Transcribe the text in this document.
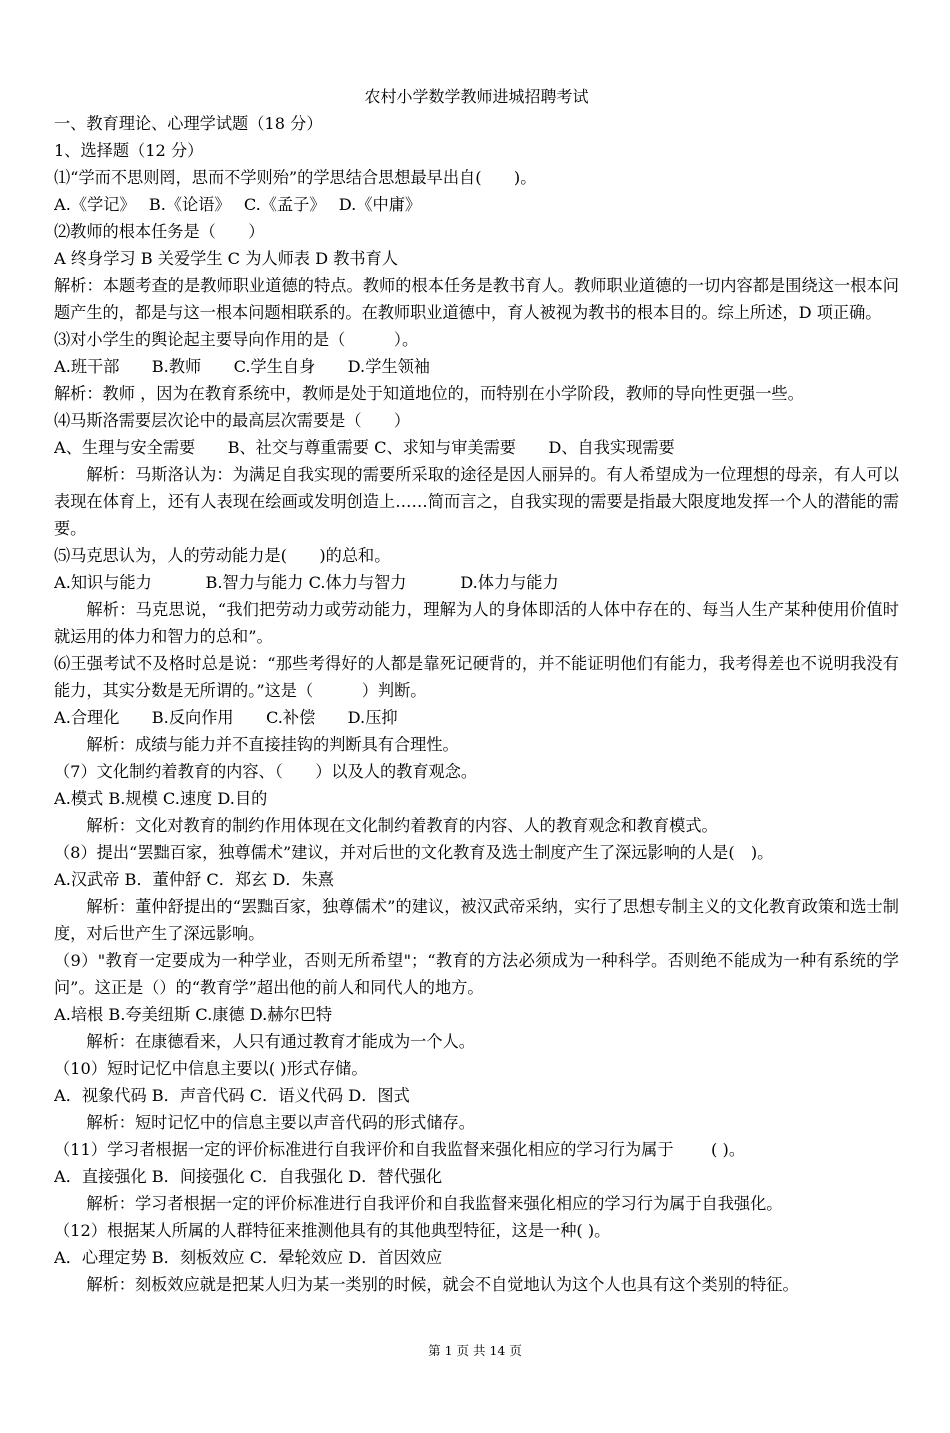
农村小学数学教师进城招聘考试

一、教育理论、心理学试题（18 分）

1、选择题（12 分）

⑴“学而不思则罔，思而不学则殆”的学思结合思想最早出自(　　)。

A.《学记》　 B.《论语》　 C.《孟子》　 D.《中庸》

⑵教师的根本任务是（　　）

A 终身学习 B 关爱学生 C 为人师表 D 教书育人

解析：本题考查的是教师职业道德的特点。教师的根本任务是教书育人。教师职业道德的一切内容都是围绕这一根本问题产生的，都是与这一根本问题相联系的。在教师职业道德中，育人被视为教书的根本目的。综上所述，D 项正确。

⑶对小学生的舆论起主要导向作用的是（　　　）。

A.班干部　　B.教师　　C.学生自身　　D.学生领袖

解析：教师 ，因为在教育系统中，教师是处于知道地位的，而特别在小学阶段，教师的导向性更强一些。

⑷马斯洛需要层次论中的最高层次需要是（　　）

A、生理与安全需要　　B、社交与尊重需要 C、求知与审美需要　　D、自我实现需要

解析：马斯洛认为：为满足自我实现的需要所采取的途径是因人丽异的。有人希望成为一位理想的母亲，有人可以表现在体育上，还有人表现在绘画或发明创造上……简而言之，自我实现的需要是指最大限度地发挥一个人的潜能的需要。

⑸马克思认为，人的劳动能力是(　　)的总和。

A.知识与能力　　　 B.智力与能力 C.体力与智力　　　 D.体力与能力

解析：马克思说，“我们把劳动力或劳动能力，理解为人的身体即活的人体中存在的、每当人生产某种使用价值时就运用的体力和智力的总和”。

⑹王强考试不及格时总是说：“那些考得好的人都是靠死记硬背的，并不能证明他们有能力，我考得差也不说明我没有能力，其实分数是无所谓的。”这是（　　　）判断。

A.合理化　　B.反向作用　　C.补偿　　D.压抑

解析：成绩与能力并不直接挂钩的判断具有合理性。

（7）文化制约着教育的内容、（　　）以及人的教育观念。

A.模式 B.规模 C.速度 D.目的

解析：文化对教育的制约作用体现在文化制约着教育的内容、人的教育观念和教育模式。

（8）提出“罢黜百家，独尊儒术”建议，并对后世的文化教育及选士制度产生了深远影响的人是(　)。

A.汉武帝 B．董仲舒 C．郑玄 D．朱熹

解析：董仲舒提出的“罢黜百家，独尊儒术”的建议，被汉武帝采纳，实行了思想专制主义的文化教育政策和选士制度，对后世产生了深远影响。

（9）"教育一定要成为一种学业，否则无所希望"；“教育的方法必须成为一种科学。否则绝不能成为一种有系统的学问”。这正是（）的“教育学”超出他的前人和同代人的地方。

A.培根 B.夸美纽斯 C.康德 D.赫尔巴特

解析：在康德看来，人只有通过教育才能成为一个人。

（10）短时记忆中信息主要以( )形式存储。

A．视象代码 B．声音代码 C．语义代码 D．图式

解析：短时记忆中的信息主要以声音代码的形式储存。

（11）学习者根据一定的评价标准进行自我评价和自我监督来强化相应的学习行为属于　　 ( )。

A．直接强化 B．间接强化 C．自我强化 D．替代强化

解析：学习者根据一定的评价标准进行自我评价和自我监督来强化相应的学习行为属于自我强化。

（12）根据某人所属的人群特征来推测他具有的其他典型特征，这是一种( )。

A．心理定势 B．刻板效应 C．晕轮效应 D．首因效应

解析：刻板效应就是把某人归为某一类别的时候，就会不自觉地认为这个人也具有这个类别的特征。

第 1 页 共 14 页
